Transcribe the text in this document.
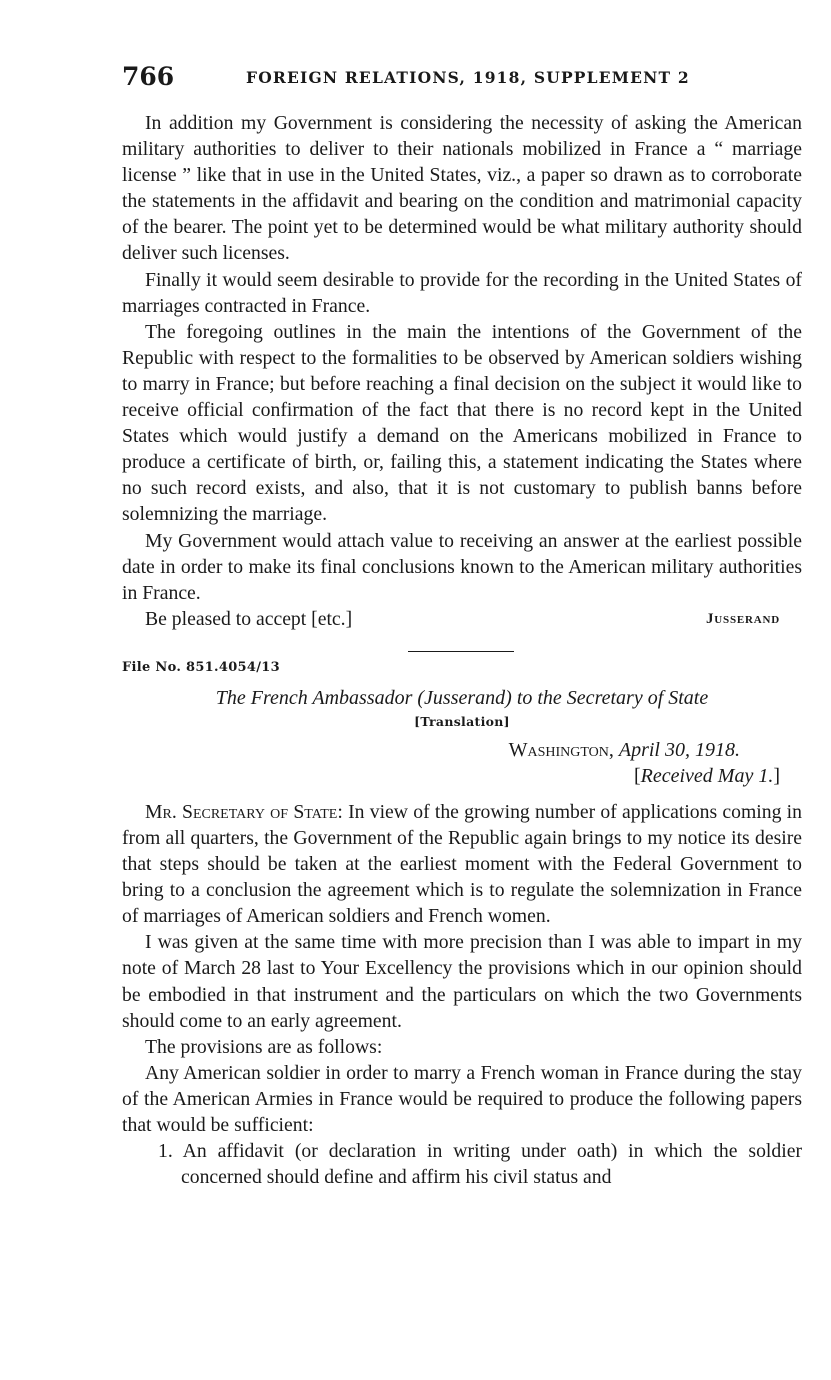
766	FOREIGN RELATIONS, 1918, SUPPLEMENT 2

In addition my Government is considering the necessity of asking the American military authorities to deliver to their nationals mobilized in France a “ marriage license ” like that in use in the United States, viz., a paper so drawn as to corroborate the statements in the affidavit and bearing on the condition and matrimonial capacity of the bearer. The point yet to be determined would be what military authority should deliver such licenses.

Finally it would seem desirable to provide for the recording in the United States of marriages contracted in France.

The foregoing outlines in the main the intentions of the Government of the Republic with respect to the formalities to be observed by American soldiers wishing to marry in France; but before reaching a final decision on the subject it would like to receive official confirmation of the fact that there is no record kept in the United States which would justify a demand on the Americans mobilized in France to produce a certificate of birth, or, failing this, a statement indicating the States where no such record exists, and also, that it is not customary to publish banns before solemnizing the marriage.

My Government would attach value to receiving an answer at the earliest possible date in order to make its final conclusions known to the American military authorities in France.

Be pleased to accept [etc.]	Jusserand
File No. 851.4054/13
The French Ambassador (Jusserand) to the Secretary of State
[Translation]
Washington, April 30, 1918.
[Received May 1.]

Mr. Secretary of State: In view of the growing number of applications coming in from all quarters, the Government of the Republic again brings to my notice its desire that steps should be taken at the earliest moment with the Federal Government to bring to a conclusion the agreement which is to regulate the solemnization in France of marriages of American soldiers and French women.

I was given at the same time with more precision than I was able to impart in my note of March 28 last to Your Excellency the provisions which in our opinion should be embodied in that instrument and the particulars on which the two Governments should come to an early agreement.

The provisions are as follows:

Any American soldier in order to marry a French woman in France during the stay of the American Armies in France would be required to produce the following papers that would be sufficient:

1. An affidavit (or declaration in writing under oath) in which the soldier concerned should define and affirm his civil status and
